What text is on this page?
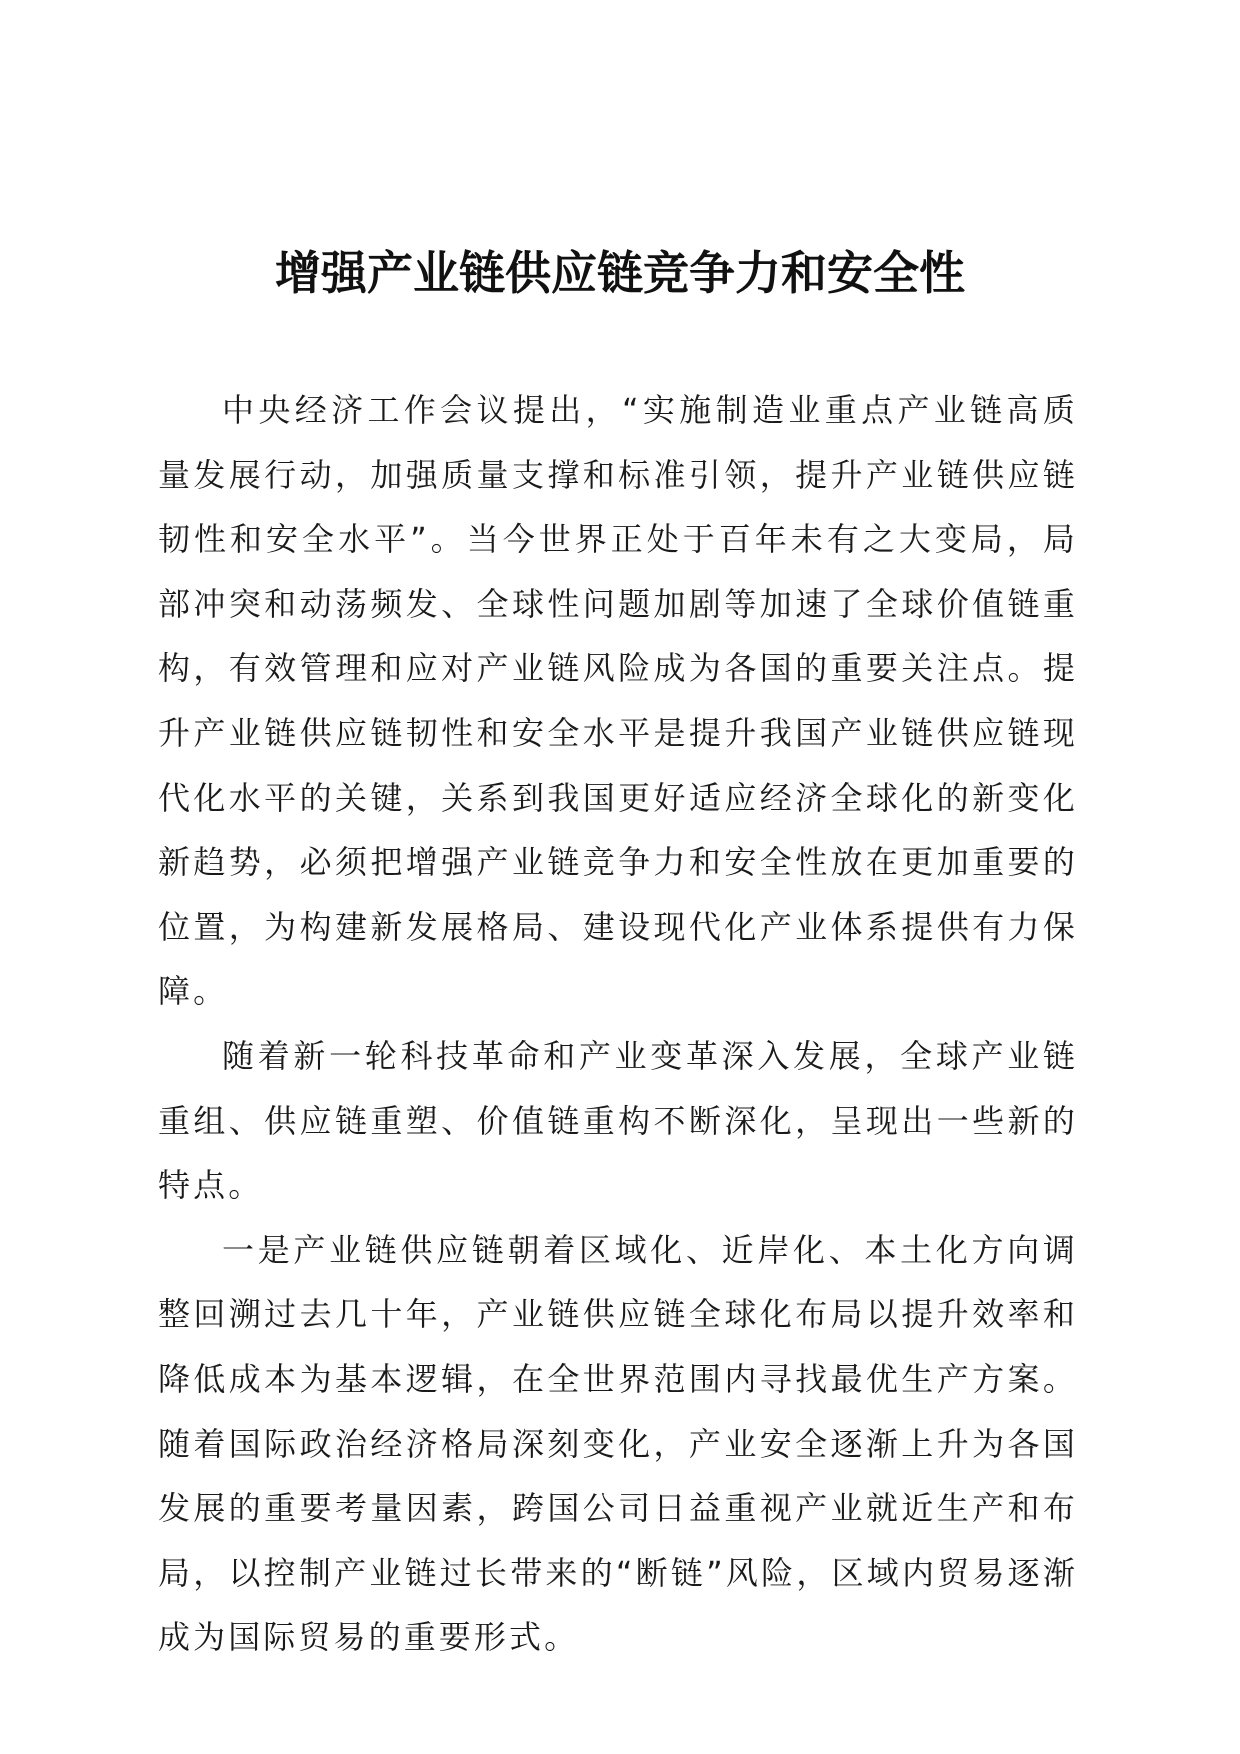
增强产业链供应链竞争力和安全性

中央经济工作会议提出，“实施制造业重点产业链高质量发展行动，加强质量支撑和标准引领，提升产业链供应链韧性和安全水平”。当今世界正处于百年未有之大变局，局部冲突和动荡频发、全球性问题加剧等加速了全球价值链重构，有效管理和应对产业链风险成为各国的重要关注点。提升产业链供应链韧性和安全水平是提升我国产业链供应链现代化水平的关键，关系到我国更好适应经济全球化的新变化新趋势，必须把增强产业链竞争力和安全性放在更加重要的位置，为构建新发展格局、建设现代化产业体系提供有力保障。

随着新一轮科技革命和产业变革深入发展，全球产业链重组、供应链重塑、价值链重构不断深化，呈现出一些新的特点。

一是产业链供应链朝着区域化、近岸化、本土化方向调整回溯过去几十年，产业链供应链全球化布局以提升效率和降低成本为基本逻辑，在全世界范围内寻找最优生产方案。随着国际政治经济格局深刻变化，产业安全逐渐上升为各国发展的重要考量因素，跨国公司日益重视产业就近生产和布局，以控制产业链过长带来的“断链”风险，区域内贸易逐渐成为国际贸易的重要形式。
